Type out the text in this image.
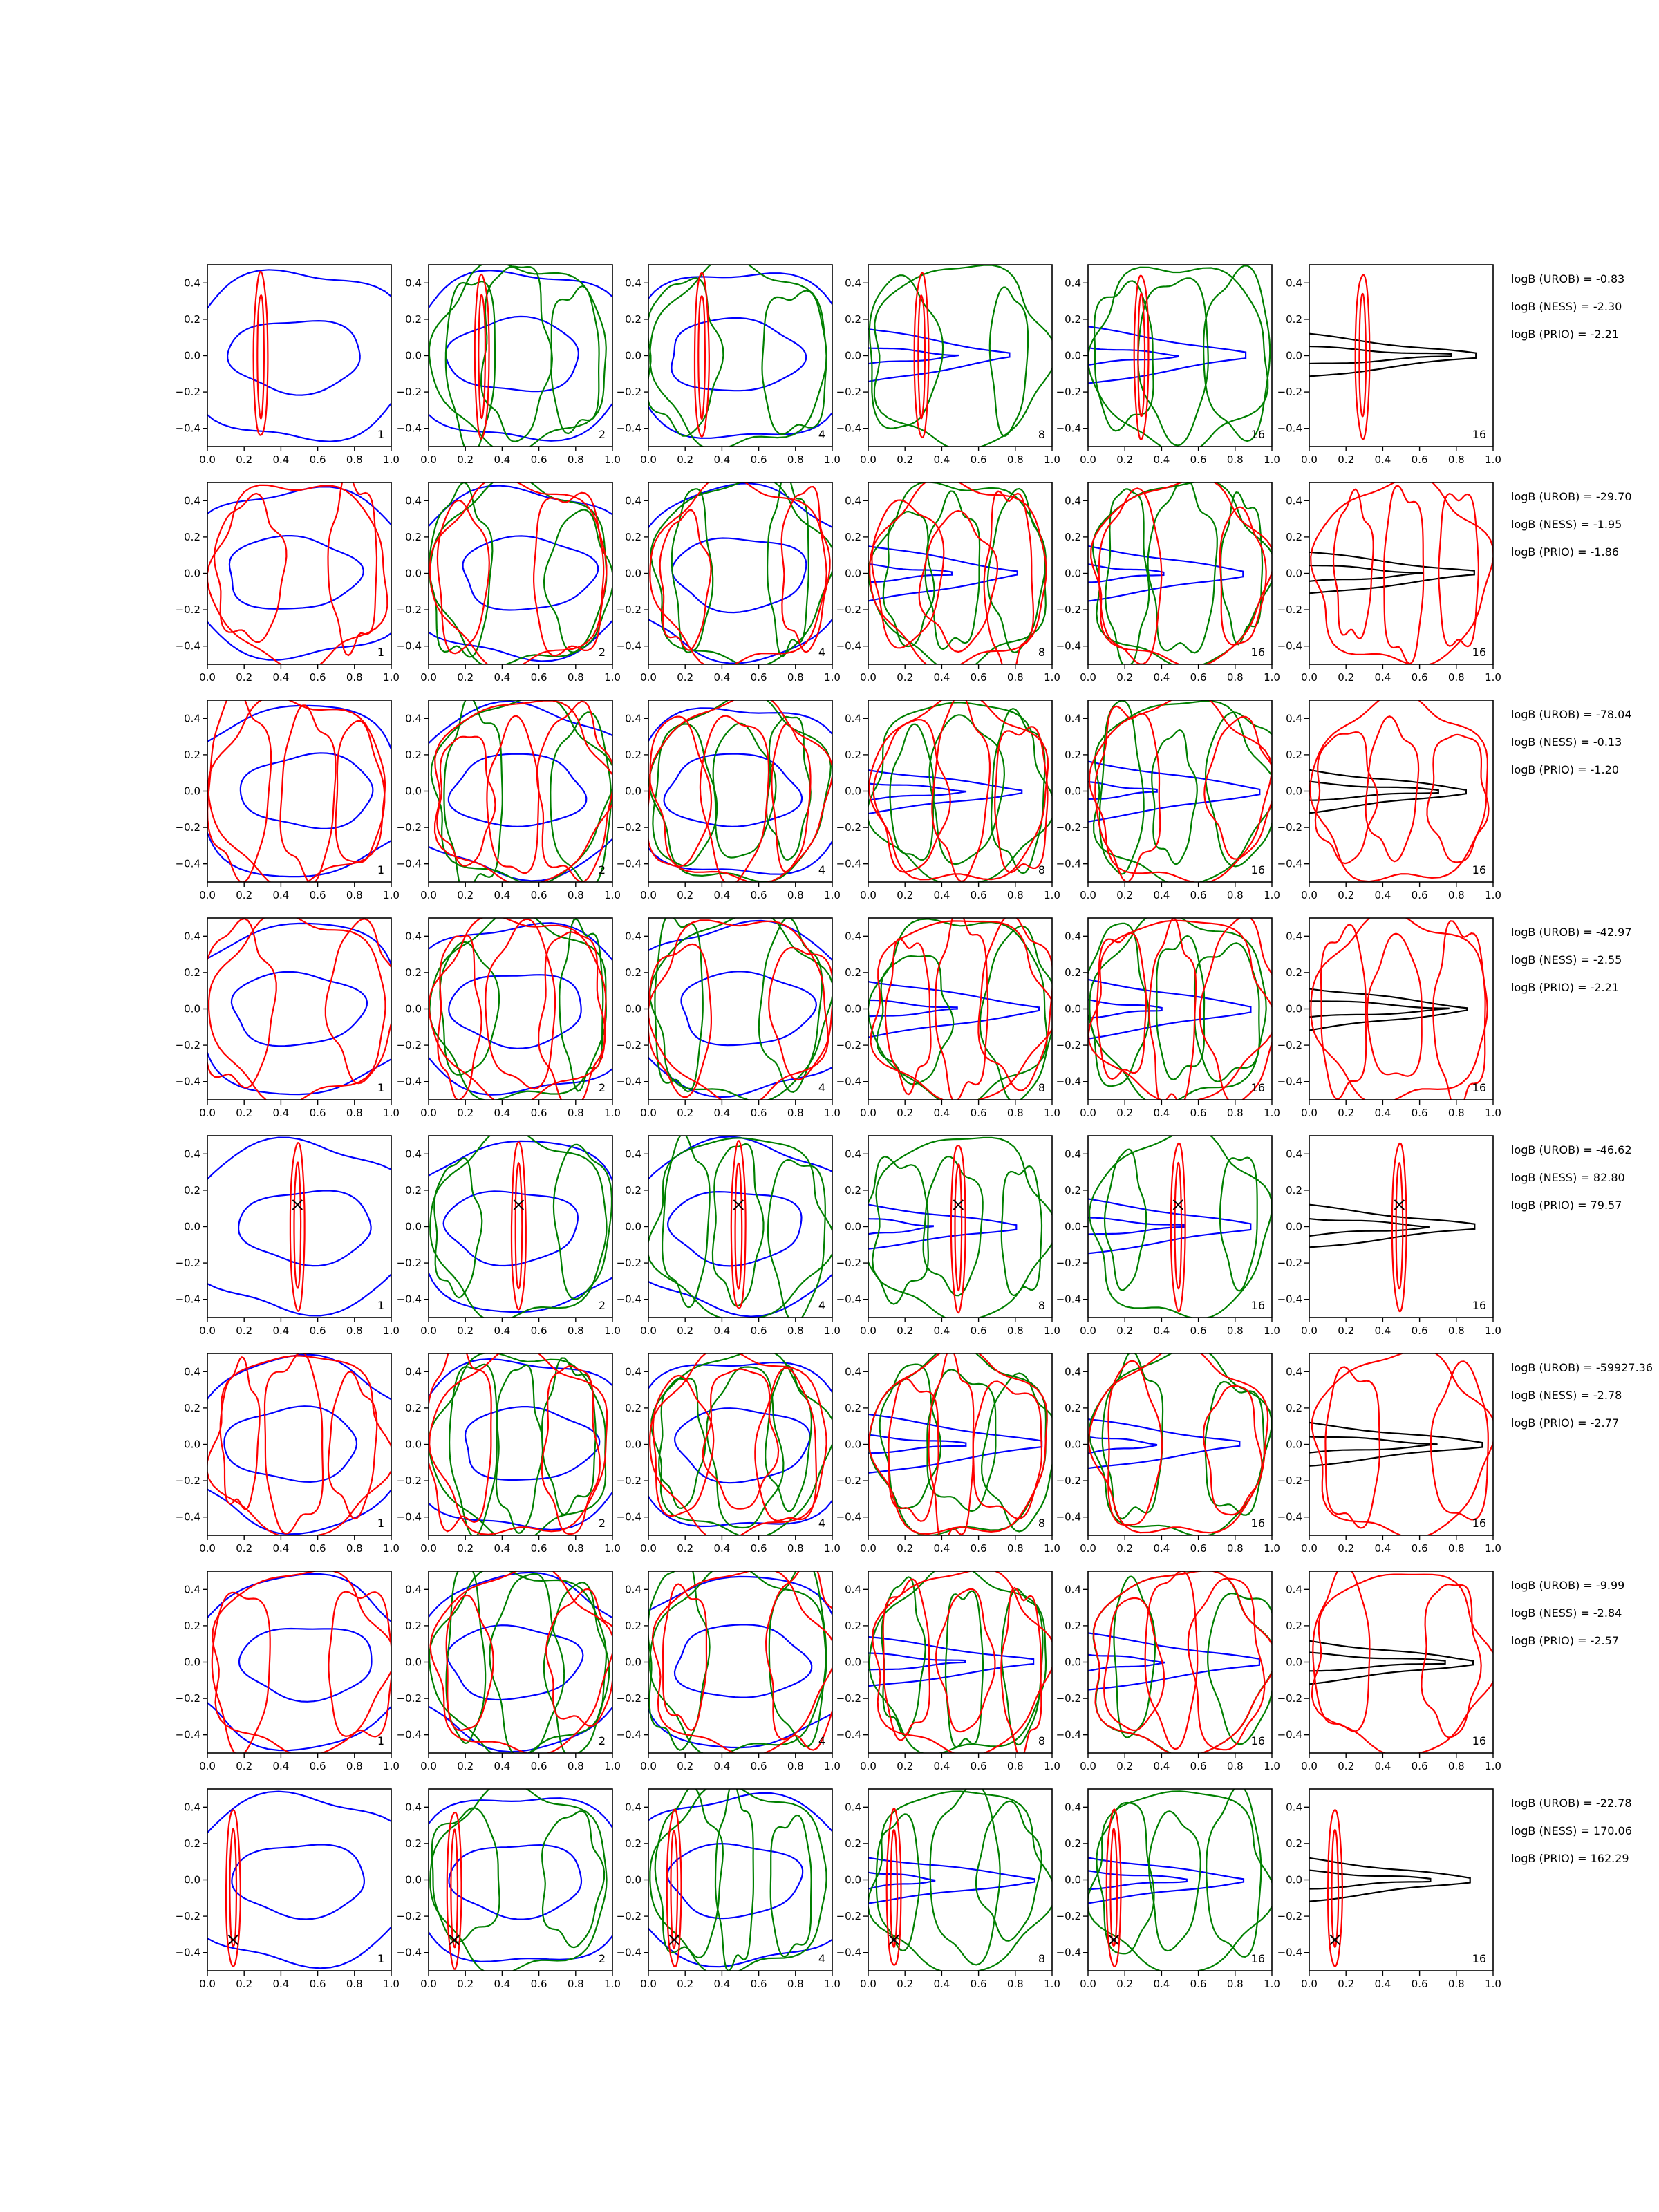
0.0 0.2 0.4 0.6 0.8 1.0
−0.4
−0.2
0.0
0.2
0.4
1
0.0 0.2 0.4 0.6 0.8 1.0
−0.4
−0.2
0.0
0.2
0.4
2
0.0 0.2 0.4 0.6 0.8 1.0
−0.4
−0.2
0.0
0.2
0.4
4
0.0 0.2 0.4 0.6 0.8 1.0
−0.4
−0.2
0.0
0.2
0.4
8
0.0 0.2 0.4 0.6 0.8 1.0
−0.4
−0.2
0.0
0.2
0.4
16
0.0 0.2 0.4 0.6 0.8 1.0
−0.4
−0.2
0.0
0.2
0.4
16
logB (UROB) = -0.83
logB (NESS) = -2.30
logB (PRIO) = -2.21
0.0 0.2 0.4 0.6 0.8 1.0
−0.4
−0.2
0.0
0.2
0.4
1
0.0 0.2 0.4 0.6 0.8 1.0
−0.4
−0.2
0.0
0.2
0.4
2
0.0 0.2 0.4 0.6 0.8 1.0
−0.4
−0.2
0.0
0.2
0.4
4
0.0 0.2 0.4 0.6 0.8 1.0
−0.4
−0.2
0.0
0.2
0.4
8
0.0 0.2 0.4 0.6 0.8 1.0
−0.4
−0.2
0.0
0.2
0.4
16
0.0 0.2 0.4 0.6 0.8 1.0
−0.4
−0.2
0.0
0.2
0.4
16
logB (UROB) = -29.70
logB (NESS) = -1.95
logB (PRIO) = -1.86
0.0 0.2 0.4 0.6 0.8 1.0
−0.4
−0.2
0.0
0.2
0.4
1
0.0 0.2 0.4 0.6 0.8 1.0
−0.4
−0.2
0.0
0.2
0.4
2
0.0 0.2 0.4 0.6 0.8 1.0
−0.4
−0.2
0.0
0.2
0.4
4
0.0 0.2 0.4 0.6 0.8 1.0
−0.4
−0.2
0.0
0.2
0.4
8
0.0 0.2 0.4 0.6 0.8 1.0
−0.4
−0.2
0.0
0.2
0.4
16
0.0 0.2 0.4 0.6 0.8 1.0
−0.4
−0.2
0.0
0.2
0.4
16
logB (UROB) = -78.04
logB (NESS) = -0.13
logB (PRIO) = -1.20
0.0 0.2 0.4 0.6 0.8 1.0
−0.4
−0.2
0.0
0.2
0.4
1
0.0 0.2 0.4 0.6 0.8 1.0
−0.4
−0.2
0.0
0.2
0.4
2
0.0 0.2 0.4 0.6 0.8 1.0
−0.4
−0.2
0.0
0.2
0.4
4
0.0 0.2 0.4 0.6 0.8 1.0
−0.4
−0.2
0.0
0.2
0.4
8
0.0 0.2 0.4 0.6 0.8 1.0
−0.4
−0.2
0.0
0.2
0.4
16
0.0 0.2 0.4 0.6 0.8 1.0
−0.4
−0.2
0.0
0.2
0.4
16
logB (UROB) = -42.97
logB (NESS) = -2.55
logB (PRIO) = -2.21
0.0 0.2 0.4 0.6 0.8 1.0
−0.4
−0.2
0.0
0.2
0.4
1
0.0 0.2 0.4 0.6 0.8 1.0
−0.4
−0.2
0.0
0.2
0.4
2
0.0 0.2 0.4 0.6 0.8 1.0
−0.4
−0.2
0.0
0.2
0.4
4
0.0 0.2 0.4 0.6 0.8 1.0
−0.4
−0.2
0.0
0.2
0.4
8
0.0 0.2 0.4 0.6 0.8 1.0
−0.4
−0.2
0.0
0.2
0.4
16
0.0 0.2 0.4 0.6 0.8 1.0
−0.4
−0.2
0.0
0.2
0.4
16
logB (UROB) = -46.62
logB (NESS) = 82.80
logB (PRIO) = 79.57
0.0 0.2 0.4 0.6 0.8 1.0
−0.4
−0.2
0.0
0.2
0.4
1
0.0 0.2 0.4 0.6 0.8 1.0
−0.4
−0.2
0.0
0.2
0.4
2
0.0 0.2 0.4 0.6 0.8 1.0
−0.4
−0.2
0.0
0.2
0.4
4
0.0 0.2 0.4 0.6 0.8 1.0
−0.4
−0.2
0.0
0.2
0.4
8
0.0 0.2 0.4 0.6 0.8 1.0
−0.4
−0.2
0.0
0.2
0.4
16
0.0 0.2 0.4 0.6 0.8 1.0
−0.4
−0.2
0.0
0.2
0.4
16
logB (UROB) = -59927.36
logB (NESS) = -2.78
logB (PRIO) = -2.77
0.0 0.2 0.4 0.6 0.8 1.0
−0.4
−0.2
0.0
0.2
0.4
1
0.0 0.2 0.4 0.6 0.8 1.0
−0.4
−0.2
0.0
0.2
0.4
2
0.0 0.2 0.4 0.6 0.8 1.0
−0.4
−0.2
0.0
0.2
0.4
4
0.0 0.2 0.4 0.6 0.8 1.0
−0.4
−0.2
0.0
0.2
0.4
8
0.0 0.2 0.4 0.6 0.8 1.0
−0.4
−0.2
0.0
0.2
0.4
16
0.0 0.2 0.4 0.6 0.8 1.0
−0.4
−0.2
0.0
0.2
0.4
16
logB (UROB) = -9.99
logB (NESS) = -2.84
logB (PRIO) = -2.57
0.0 0.2 0.4 0.6 0.8 1.0
−0.4
−0.2
0.0
0.2
0.4
1
0.0 0.2 0.4 0.6 0.8 1.0
−0.4
−0.2
0.0
0.2
0.4
2
0.0 0.2 0.4 0.6 0.8 1.0
−0.4
−0.2
0.0
0.2
0.4
4
0.0 0.2 0.4 0.6 0.8 1.0
−0.4
−0.2
0.0
0.2
0.4
8
0.0 0.2 0.4 0.6 0.8 1.0
−0.4
−0.2
0.0
0.2
0.4
16
0.0 0.2 0.4 0.6 0.8 1.0
−0.4
−0.2
0.0
0.2
0.4
16
logB (UROB) = -22.78
logB (NESS) = 170.06
logB (PRIO) = 162.29
